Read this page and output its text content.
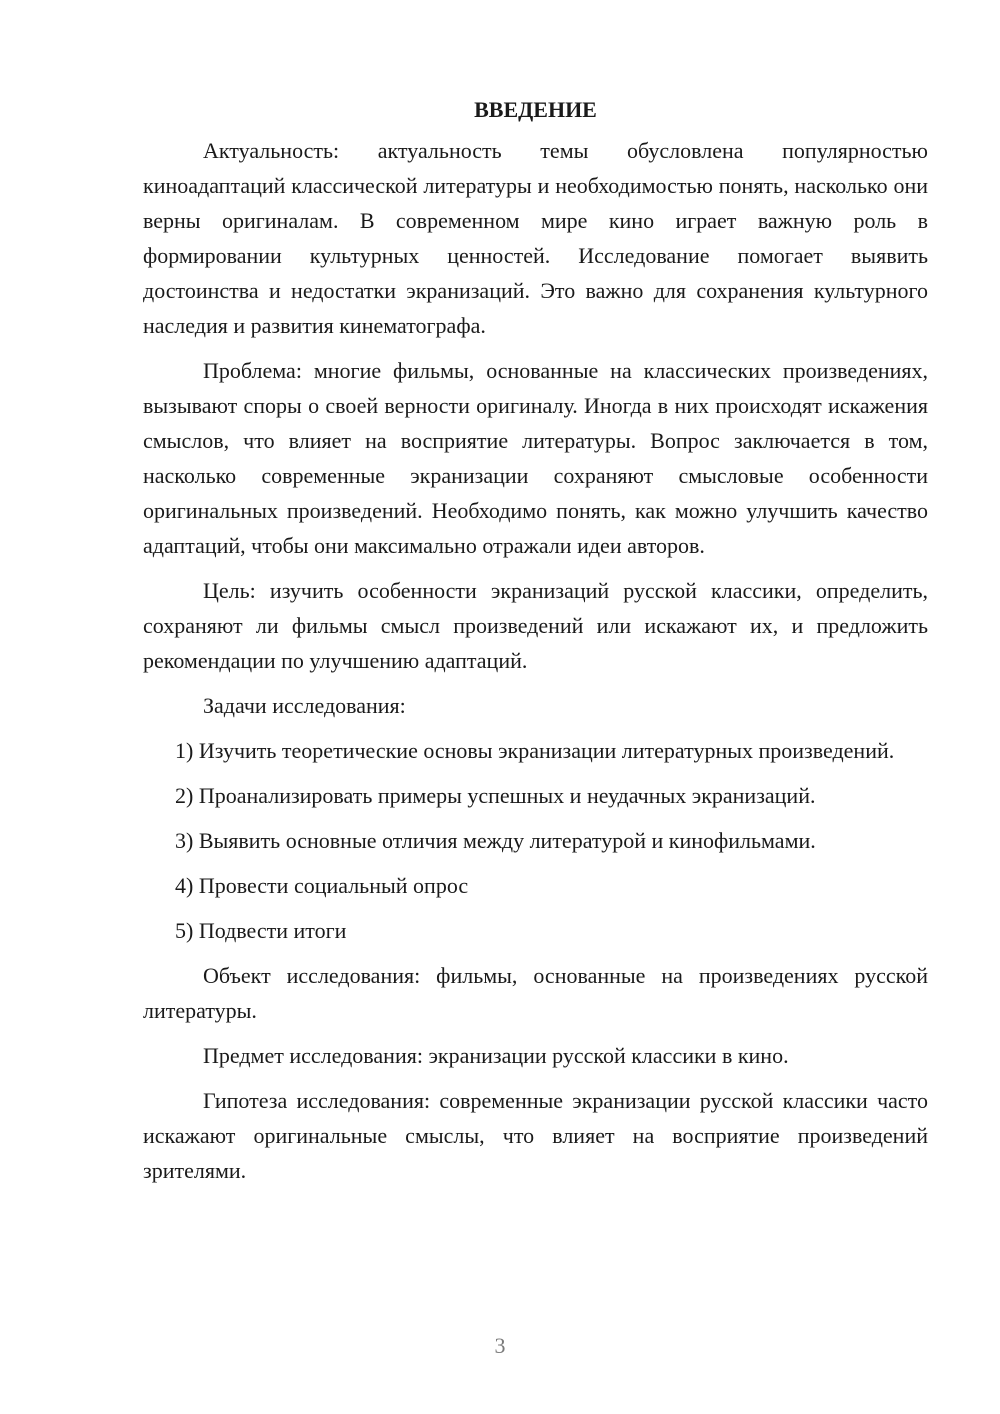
ВВЕДЕНИЕ

Актуальность: актуальность темы обусловлена популярностью киноадаптаций классической литературы и необходимостью понять, насколько они верны оригиналам. В современном мире кино играет важную роль в формировании культурных ценностей. Исследование помогает выявить достоинства и недостатки экранизаций. Это важно для сохранения культурного наследия и развития кинематографа.

Проблема: многие фильмы, основанные на классических произведениях, вызывают споры о своей верности оригиналу. Иногда в них происходят искажения смыслов, что влияет на восприятие литературы. Вопрос заключается в том, насколько современные экранизации сохраняют смысловые особенности оригинальных произведений. Необходимо понять, как можно улучшить качество адаптаций, чтобы они максимально отражали идеи авторов.

Цель: изучить особенности экранизаций русской классики, определить, сохраняют ли фильмы смысл произведений или искажают их, и предложить рекомендации по улучшению адаптаций.

Задачи исследования:

1) Изучить теоретические основы экранизации литературных произведений.

2) Проанализировать примеры успешных и неудачных экранизаций.

3) Выявить основные отличия между литературой и кинофильмами.

4) Провести социальный опрос

5) Подвести итоги

Объект исследования: фильмы, основанные на произведениях русской литературы.

Предмет исследования: экранизации русской классики в кино.

Гипотеза исследования: современные экранизации русской классики часто искажают оригинальные смыслы, что влияет на восприятие произведений зрителями.

3
